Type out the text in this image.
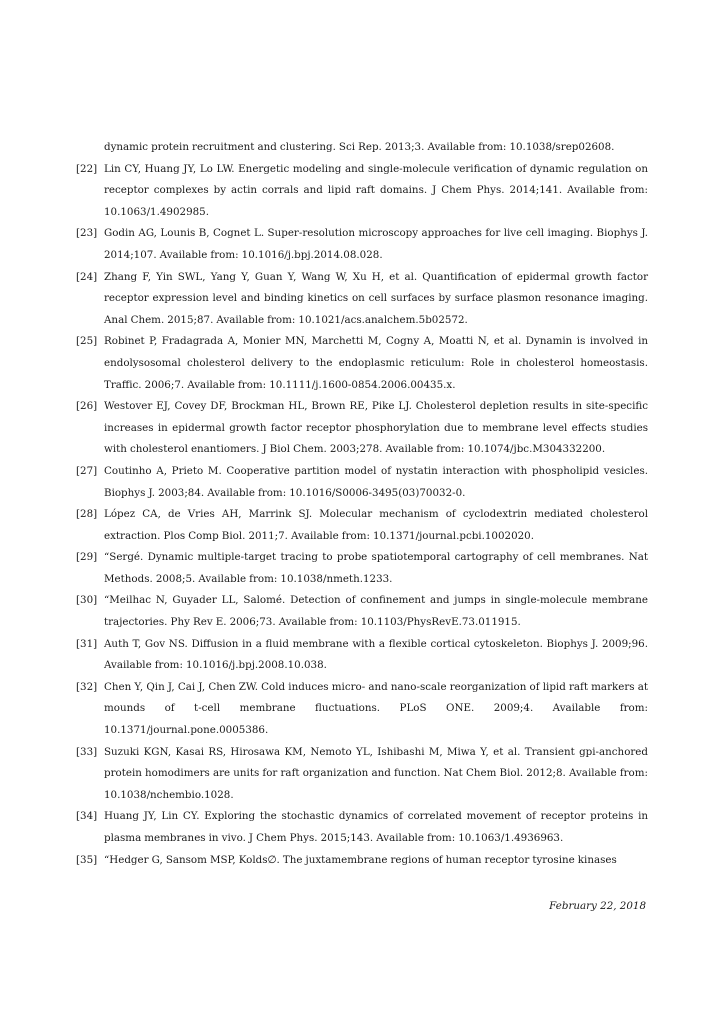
dynamic protein recruitment and clustering. Sci Rep. 2013;3. Available from: 10.1038/srep02608.
[22] Lin CY, Huang JY, Lo LW. Energetic modeling and single-molecule verification of dynamic regulation on receptor complexes by actin corrals and lipid raft domains. J Chem Phys. 2014;141. Available from: 10.1063/1.4902985.
[23] Godin AG, Lounis B, Cognet L. Super-resolution microscopy approaches for live cell imaging. Biophys J. 2014;107. Available from: 10.1016/j.bpj.2014.08.028.
[24] Zhang F, Yin SWL, Yang Y, Guan Y, Wang W, Xu H, et al. Quantification of epidermal growth factor receptor expression level and binding kinetics on cell surfaces by surface plasmon resonance imaging. Anal Chem. 2015;87. Available from: 10.1021/acs.analchem.5b02572.
[25] Robinet P, Fradagrada A, Monier MN, Marchetti M, Cogny A, Moatti N, et al. Dynamin is involved in endolysosomal cholesterol delivery to the endoplasmic reticulum: Role in cholesterol homeostasis. Traffic. 2006;7. Available from: 10.1111/j.1600-0854.2006.00435.x.
[26] Westover EJ, Covey DF, Brockman HL, Brown RE, Pike LJ. Cholesterol depletion results in site-specific increases in epidermal growth factor receptor phosphorylation due to membrane level effects studies with cholesterol enantiomers. J Biol Chem. 2003;278. Available from: 10.1074/jbc.M304332200.
[27] Coutinho A, Prieto M. Cooperative partition model of nystatin interaction with phospholipid vesicles. Biophys J. 2003;84. Available from: 10.1016/S0006-3495(03)70032-0.
[28] López CA, de Vries AH, Marrink SJ. Molecular mechanism of cyclodextrin mediated cholesterol extraction. Plos Comp Biol. 2011;7. Available from: 10.1371/journal.pcbi.1002020.
[29] “Sergé. Dynamic multiple-target tracing to probe spatiotemporal cartography of cell membranes. Nat Methods. 2008;5. Available from: 10.1038/nmeth.1233.
[30] “Meilhac N, Guyader LL, Salomé. Detection of confinement and jumps in single-molecule membrane trajectories. Phy Rev E. 2006;73. Available from: 10.1103/PhysRevE.73.011915.
[31] Auth T, Gov NS. Diffusion in a fluid membrane with a flexible cortical cytoskeleton. Biophys J. 2009;96. Available from: 10.1016/j.bpj.2008.10.038.
[32] Chen Y, Qin J, Cai J, Chen ZW. Cold induces micro- and nano-scale reorganization of lipid raft markers at mounds of t-cell membrane fluctuations. PLoS ONE. 2009;4. Available from: 10.1371/journal.pone.0005386.
[33] Suzuki KGN, Kasai RS, Hirosawa KM, Nemoto YL, Ishibashi M, Miwa Y, et al. Transient gpi-anchored protein homodimers are units for raft organization and function. Nat Chem Biol. 2012;8. Available from: 10.1038/nchembio.1028.
[34] Huang JY, Lin CY. Exploring the stochastic dynamics of correlated movement of receptor proteins in plasma membranes in vivo. J Chem Phys. 2015;143. Available from: 10.1063/1.4936963.
[35] “Hedger G, Sansom MSP, Kolds∅. The juxtamembrane regions of human receptor tyrosine kinases
February 22, 2018
